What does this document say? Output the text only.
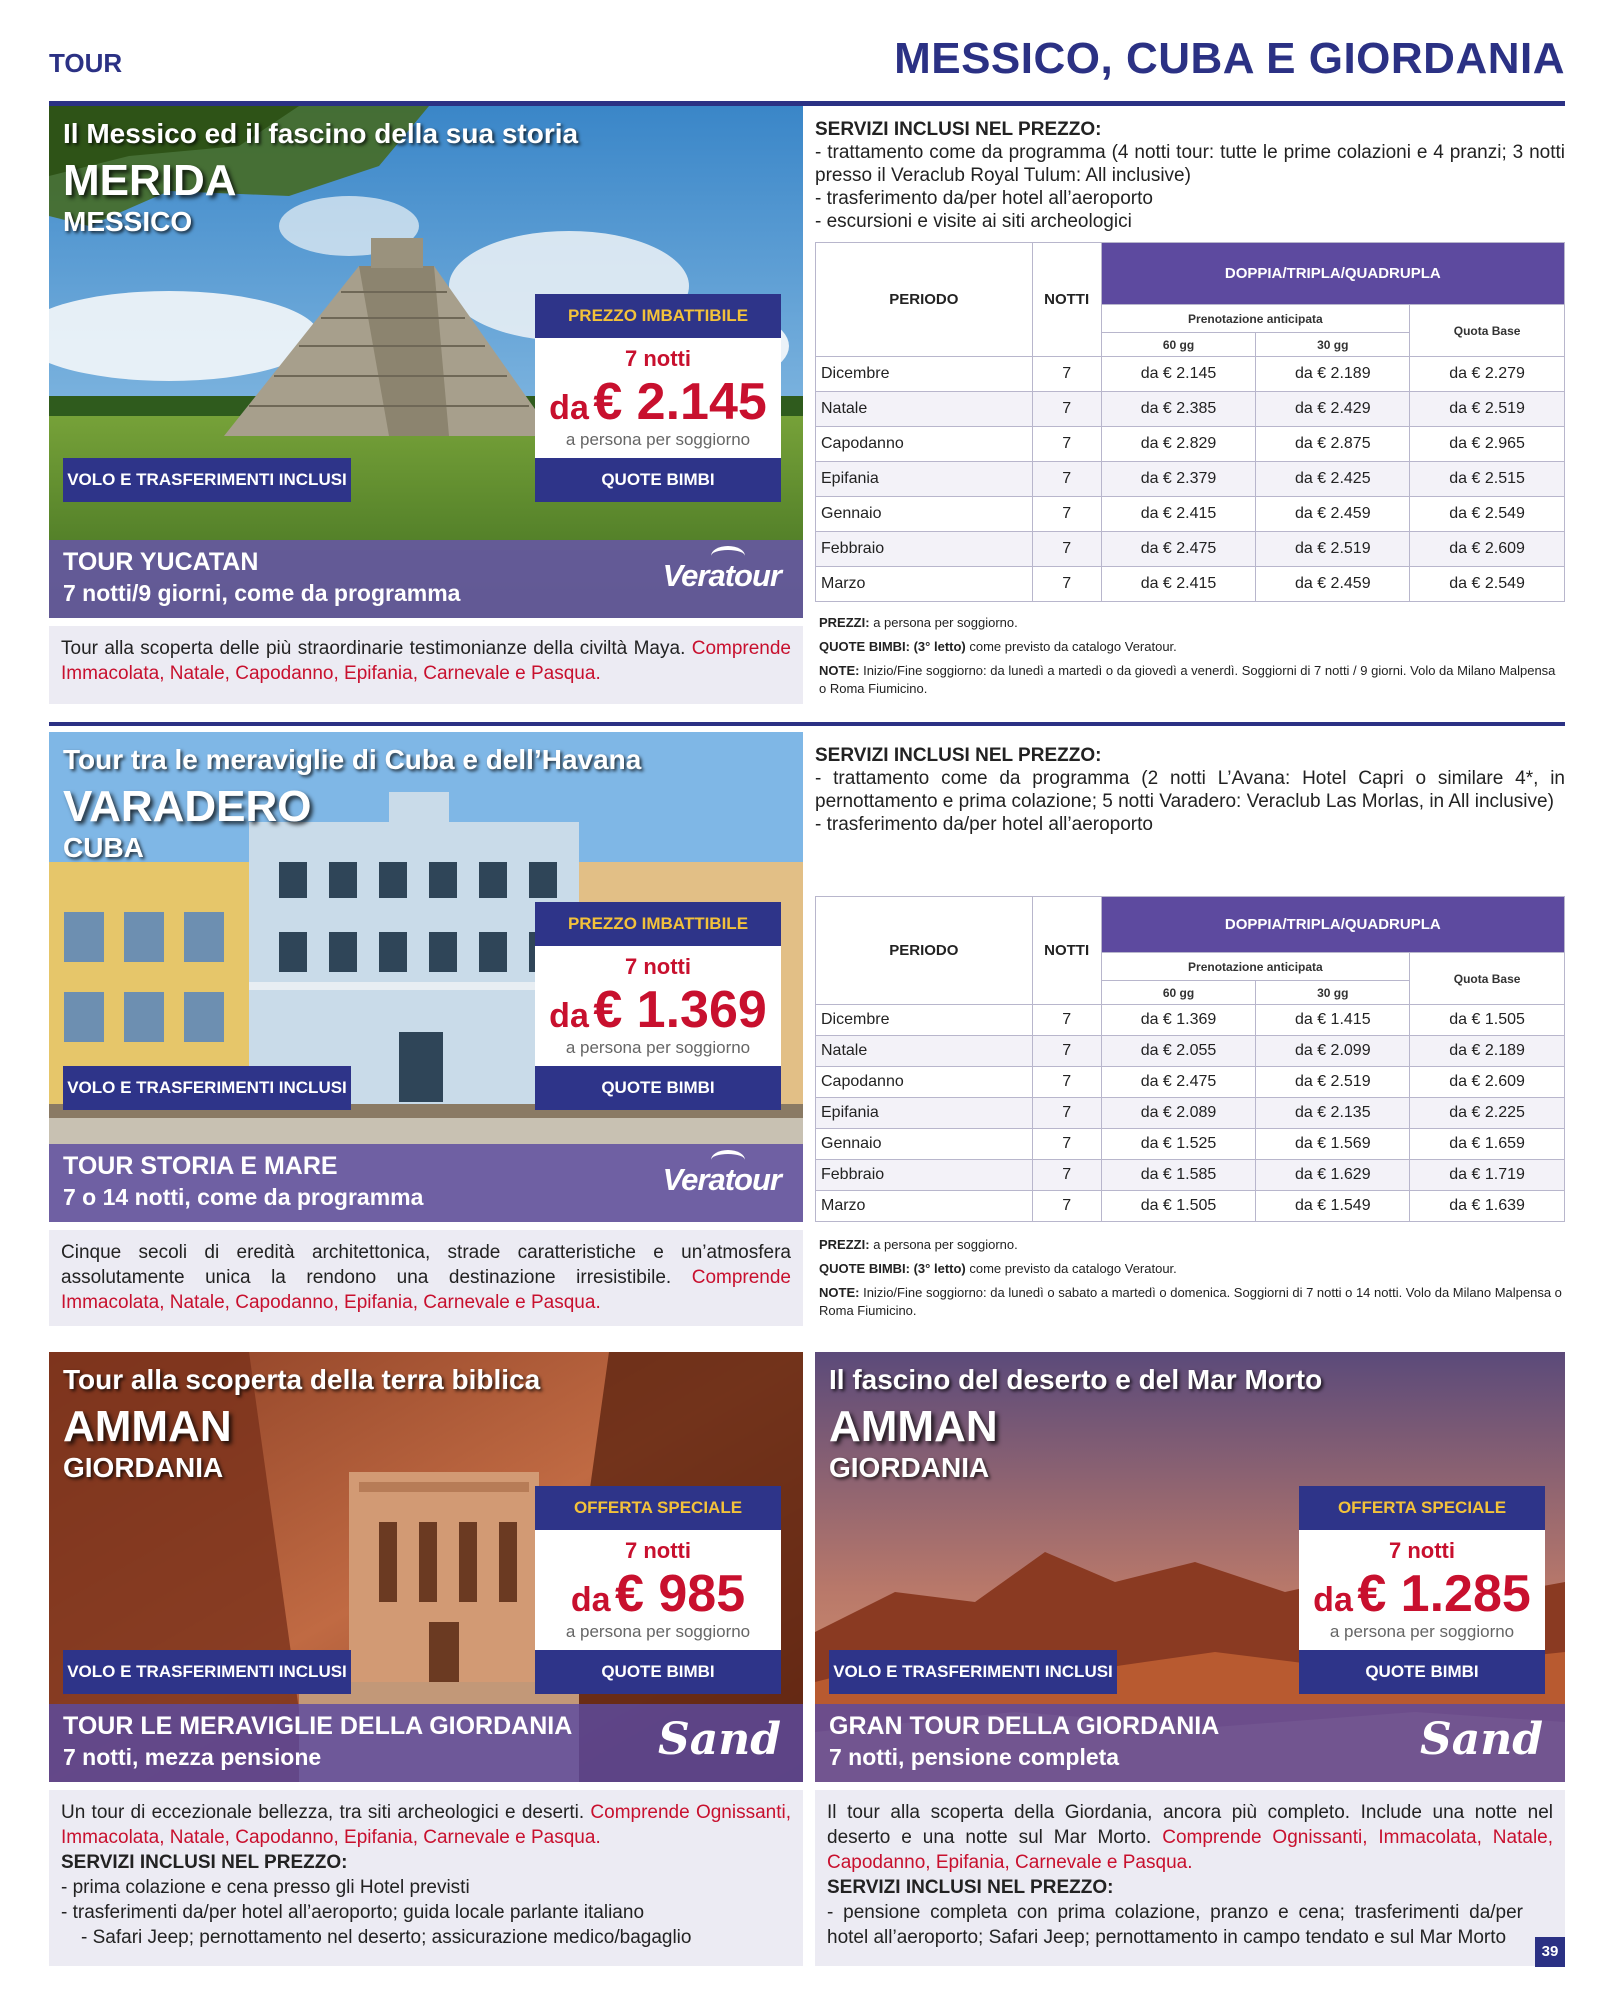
TOUR	MESSICO, CUBA E GIORDANIA
Il Messico ed il fascino della sua storia
MERIDA
MESSICO
PREZZO IMBATTIBILE
7 notti
da € 2.145
a persona per soggiorno
QUOTE BIMBI
VOLO E TRASFERIMENTI INCLUSI
TOUR YUCATAN
7 notti/9 giorni, come da programma	Veratour
Tour alla scoperta delle più straordinarie testimonianze della civiltà Maya. Comprende Immacolata, Natale, Capodanno, Epifania, Carnevale e Pasqua.
SERVIZI INCLUSI NEL PREZZO:
- trattamento come da programma (4 notti tour: tutte le prime colazioni e 4 pranzi; 3 notti presso il Veraclub Royal Tulum: All inclusive)
- trasferimento da/per hotel all’aeroporto
- escursioni e visite ai siti archeologici
PERIODO	NOTTI	DOPPIA/TRIPLA/QUADRUPLA		
		Prenotazione anticipata		Quota Base
		60 gg	30 gg	
Dicembre	7	da € 2.145	da € 2.189	da € 2.279
Natale	7	da € 2.385	da € 2.429	da € 2.519
Capodanno	7	da € 2.829	da € 2.875	da € 2.965
Epifania	7	da € 2.379	da € 2.425	da € 2.515
Gennaio	7	da € 2.415	da € 2.459	da € 2.549
Febbraio	7	da € 2.475	da € 2.519	da € 2.609
Marzo	7	da € 2.415	da € 2.459	da € 2.549
PREZZI: a persona per soggiorno.
QUOTE BIMBI: (3° letto) come previsto da catalogo Veratour.
NOTE: Inizio/Fine soggiorno: da lunedì a martedì o da giovedì a venerdì. Soggiorni di 7 notti / 9 giorni. Volo da Milano Malpensa o Roma Fiumicino.
Tour tra le meraviglie di Cuba e dell’Havana
VARADERO
CUBA
PREZZO IMBATTIBILE
7 notti
da € 1.369
a persona per soggiorno
QUOTE BIMBI
VOLO E TRASFERIMENTI INCLUSI
TOUR STORIA E MARE
7 o 14 notti, come da programma	Veratour
Cinque secoli di eredità architettonica, strade caratteristiche e un’atmosfera assolutamente unica la rendono una destinazione irresistibile. Comprende Immacolata, Natale, Capodanno, Epifania, Carnevale e Pasqua.
SERVIZI INCLUSI NEL PREZZO:
- trattamento come da programma (2 notti L’Avana: Hotel Capri o similare 4*, in pernottamento e prima colazione; 5 notti Varadero: Veraclub Las Morlas, in All inclusive)
- trasferimento da/per hotel all’aeroporto
PERIODO	NOTTI	DOPPIA/TRIPLA/QUADRUPLA		
		Prenotazione anticipata		Quota Base
		60 gg	30 gg	
Dicembre	7	da € 1.369	da € 1.415	da € 1.505
Natale	7	da € 2.055	da € 2.099	da € 2.189
Capodanno	7	da € 2.475	da € 2.519	da € 2.609
Epifania	7	da € 2.089	da € 2.135	da € 2.225
Gennaio	7	da € 1.525	da € 1.569	da € 1.659
Febbraio	7	da € 1.585	da € 1.629	da € 1.719
Marzo	7	da € 1.505	da € 1.549	da € 1.639
PREZZI: a persona per soggiorno.
QUOTE BIMBI: (3° letto) come previsto da catalogo Veratour.
NOTE: Inizio/Fine soggiorno: da lunedì o sabato a martedì o domenica. Soggiorni di 7 notti o 14 notti. Volo da Milano Malpensa o Roma Fiumicino.
Tour alla scoperta della terra biblica
AMMAN
GIORDANIA
OFFERTA SPECIALE
7 notti
da € 985
a persona per soggiorno
QUOTE BIMBI
VOLO E TRASFERIMENTI INCLUSI
TOUR LE MERAVIGLIE DELLA GIORDANIA
7 notti, mezza pensione	Sand
Un tour di eccezionale bellezza, tra siti archeologici e deserti. Comprende Ognissanti, Immacolata, Natale, Capodanno, Epifania, Carnevale e Pasqua.
SERVIZI INCLUSI NEL PREZZO:
- prima colazione e cena presso gli Hotel previsti
- trasferimenti da/per hotel all’aeroporto; guida locale parlante italiano
- Safari Jeep; pernottamento nel deserto; assicurazione medico/bagaglio
Il fascino del deserto e del Mar Morto
AMMAN
GIORDANIA
OFFERTA SPECIALE
7 notti
da € 1.285
a persona per soggiorno
QUOTE BIMBI
VOLO E TRASFERIMENTI INCLUSI
GRAN TOUR DELLA GIORDANIA
7 notti, pensione completa	Sand
Il tour alla scoperta della Giordania, ancora più completo. Include una notte nel deserto e una notte sul Mar Morto. Comprende Ognissanti, Immacolata, Natale, Capodanno, Epifania, Carnevale e Pasqua.
SERVIZI INCLUSI NEL PREZZO:
- pensione completa con prima colazione, pranzo e cena; trasferimenti da/per hotel all’aeroporto; Safari Jeep; pernottamento in campo tendato e sul Mar Morto
39
